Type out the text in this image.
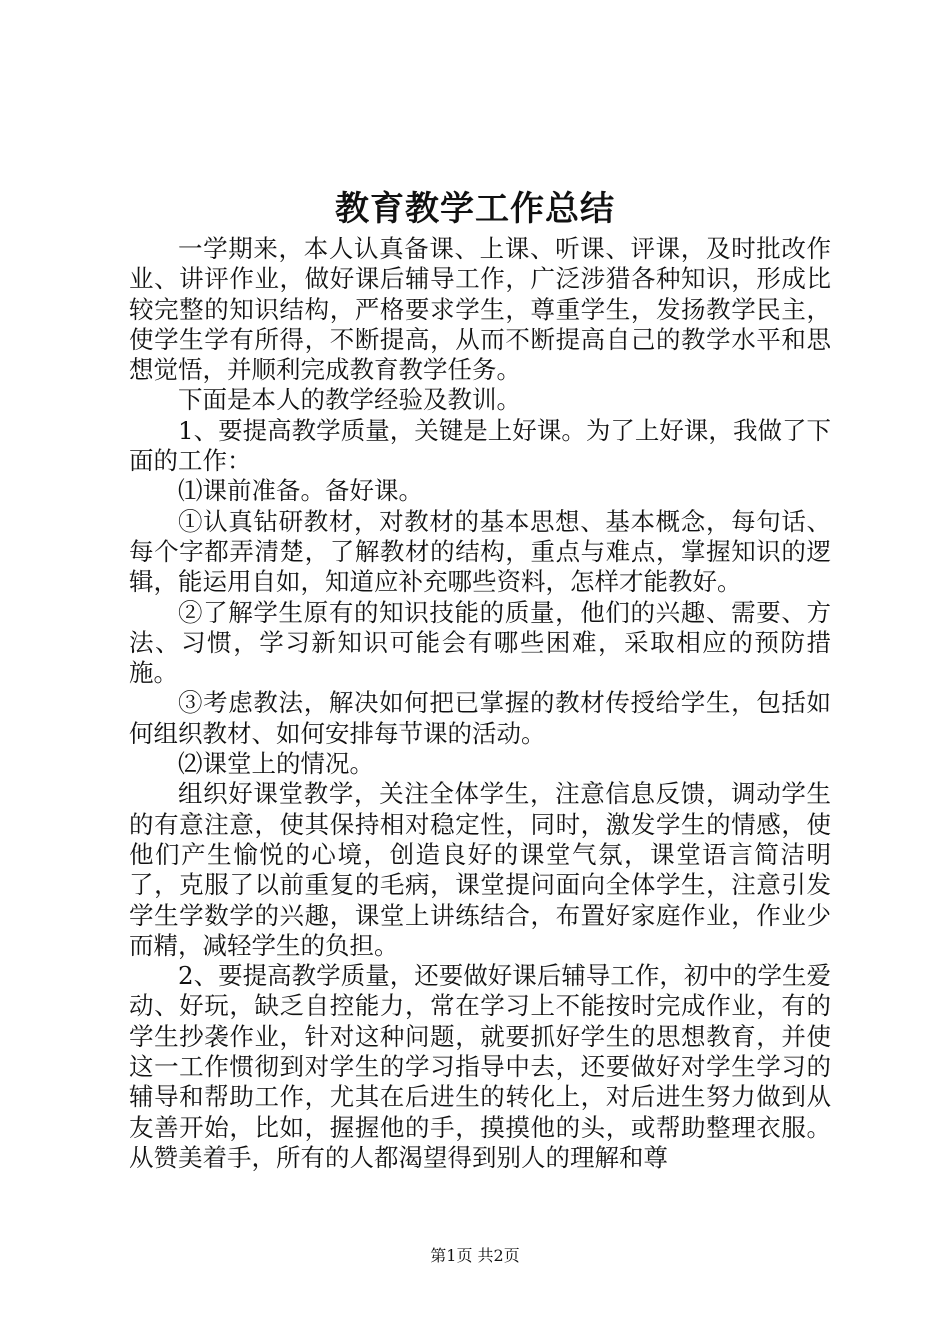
教育教学工作总结

一学期来，本人认真备课、上课、听课、评课，及时批改作业、讲评作业，做好课后辅导工作，广泛涉猎各种知识，形成比较完整的知识结构，严格要求学生，尊重学生，发扬教学民主，使学生学有所得，不断提高，从而不断提高自己的教学水平和思想觉悟，并顺利完成教育教学任务。

下面是本人的教学经验及教训。

1、要提高教学质量，关键是上好课。为了上好课，我做了下面的工作：

⑴课前准备。备好课。

①认真钻研教材，对教材的基本思想、基本概念，每句话、每个字都弄清楚，了解教材的结构，重点与难点，掌握知识的逻辑，能运用自如，知道应补充哪些资料，怎样才能教好。

②了解学生原有的知识技能的质量，他们的兴趣、需要、方法、习惯，学习新知识可能会有哪些困难，采取相应的预防措施。

③考虑教法，解决如何把已掌握的教材传授给学生，包括如何组织教材、如何安排每节课的活动。

⑵课堂上的情况。

组织好课堂教学，关注全体学生，注意信息反馈，调动学生的有意注意，使其保持相对稳定性，同时，激发学生的情感，使他们产生愉悦的心境，创造良好的课堂气氛，课堂语言简洁明了，克服了以前重复的毛病，课堂提问面向全体学生，注意引发学生学数学的兴趣，课堂上讲练结合，布置好家庭作业，作业少而精，减轻学生的负担。

2、要提高教学质量，还要做好课后辅导工作，初中的学生爱动、好玩，缺乏自控能力，常在学习上不能按时完成作业，有的学生抄袭作业，针对这种问题，就要抓好学生的思想教育，并使这一工作惯彻到对学生的学习指导中去，还要做好对学生学习的辅导和帮助工作，尤其在后进生的转化上，对后进生努力做到从友善开始，比如，握握他的手，摸摸他的头，或帮助整理衣服。从赞美着手，所有的人都渴望得到别人的理解和尊

第1页 共2页
